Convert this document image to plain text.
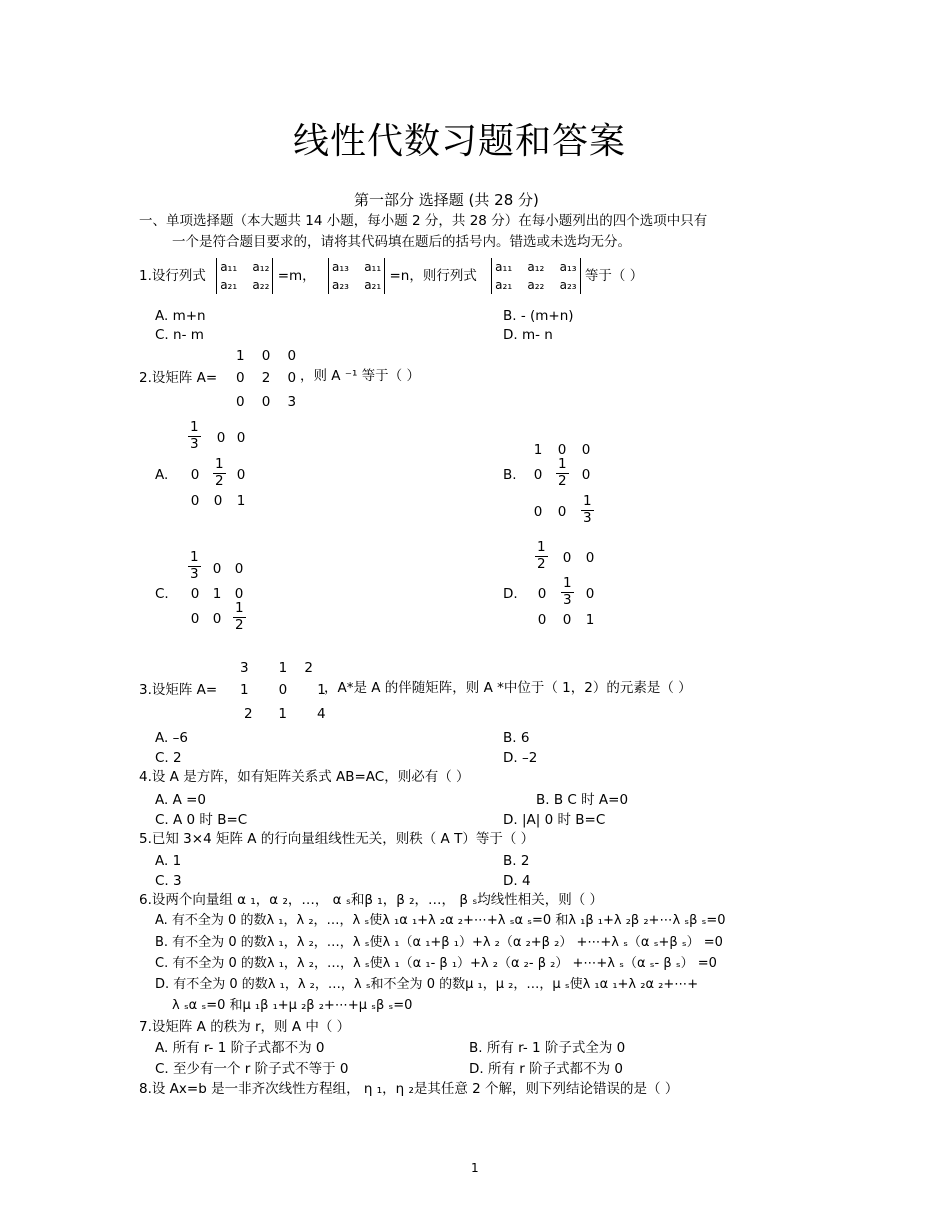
线性代数习题和答案
第一部分 选择题 (共 28 分)
一、单项选择题（本大题共 14 小题，每小题 2 分，共 28 分）在每小题列出的四个选项中只有
一个是符合题目要求的，请将其代码填在题后的括号内。错选或未选均无分。
1.设行列式
a₁₁    a₁₂
a₂₁    a₂₂
=m，
a₁₃    a₁₁
a₂₃    a₂₁
=n，则行列式
a₁₁    a₁₂    a₁₃
a₂₁    a₂₂    a₂₃
等于（ ）
A. m+n	B. - (m+n)
C. n- m	D. m- n
1    0    0
2.设矩阵 A= 0    2    0 ，则 A ⁻¹ 等于（ ）
0    0    3
A.
$\frac{1}{3}$	0 0
0	$\frac{1}{2} 0$
0	0	1
B.
1	0	0
0	$\frac{1}{2} 0$
0	0	$\frac{1}{3}$
C.
$\frac{1}{3} 0$ 0
0 1 0
0 $0 \frac{1}{2}$
D.
$\frac{1}{2}$	0	0
0	$\frac{1}{3} 0$
0	0	1
3       1    2
3.设矩阵 A= 1       0       1
，A*是 A 的伴随矩阵，则 A *中位于（ 1，2）的元素是（ ）
2      1       4
A. –6	B. 6
C. 2	D. –2
4.设 A 是方阵，如有矩阵关系式 AB=AC，则必有（ ）
A. A =0	B. B C 时 A=0
C. A 0 时 B=C	D. |A| 0 时 B=C
5.已知 3×4 矩阵 A 的行向量组线性无关，则秩（ A T）等于（ ）
A. 1	B. 2
C. 3	D. 4
6.设两个向量组 α ₁，α ₂，…， α ₛ和β ₁，β ₂，…， β ₛ均线性相关，则（ ）
A. 有不全为 0 的数λ ₁，λ ₂，…，λ ₛ使λ ₁α ₁+λ ₂α ₂+⋯+λ ₛα ₛ=0 和λ ₁β ₁+λ ₂β ₂+⋯λ ₛβ ₛ=0
B. 有不全为 0 的数λ ₁，λ ₂，…，λ ₛ使λ ₁（α ₁+β ₁）+λ ₂（α ₂+β ₂） +⋯+λ ₛ（α ₛ+β ₛ） =0
C. 有不全为 0 的数λ ₁，λ ₂，…，λ ₛ使λ ₁（α ₁- β ₁）+λ ₂（α ₂- β ₂） +⋯+λ ₛ（α ₛ- β ₛ） =0
D. 有不全为 0 的数λ ₁，λ ₂，…，λ ₛ和不全为 0 的数μ ₁，μ ₂，…，μ ₛ使λ ₁α ₁+λ ₂α ₂+⋯+
λ ₛα ₛ=0 和μ ₁β ₁+μ ₂β ₂+⋯+μ ₛβ ₛ=0
7.设矩阵 A 的秩为 r，则 A 中（ ）
A. 所有 r- 1 阶子式都不为 0	B. 所有 r- 1 阶子式全为 0
C. 至少有一个 r 阶子式不等于 0	D. 所有 r 阶子式都不为 0
8.设 Ax=b 是一非齐次线性方程组， η ₁，η ₂是其任意 2 个解，则下列结论错误的是（ ）
1
